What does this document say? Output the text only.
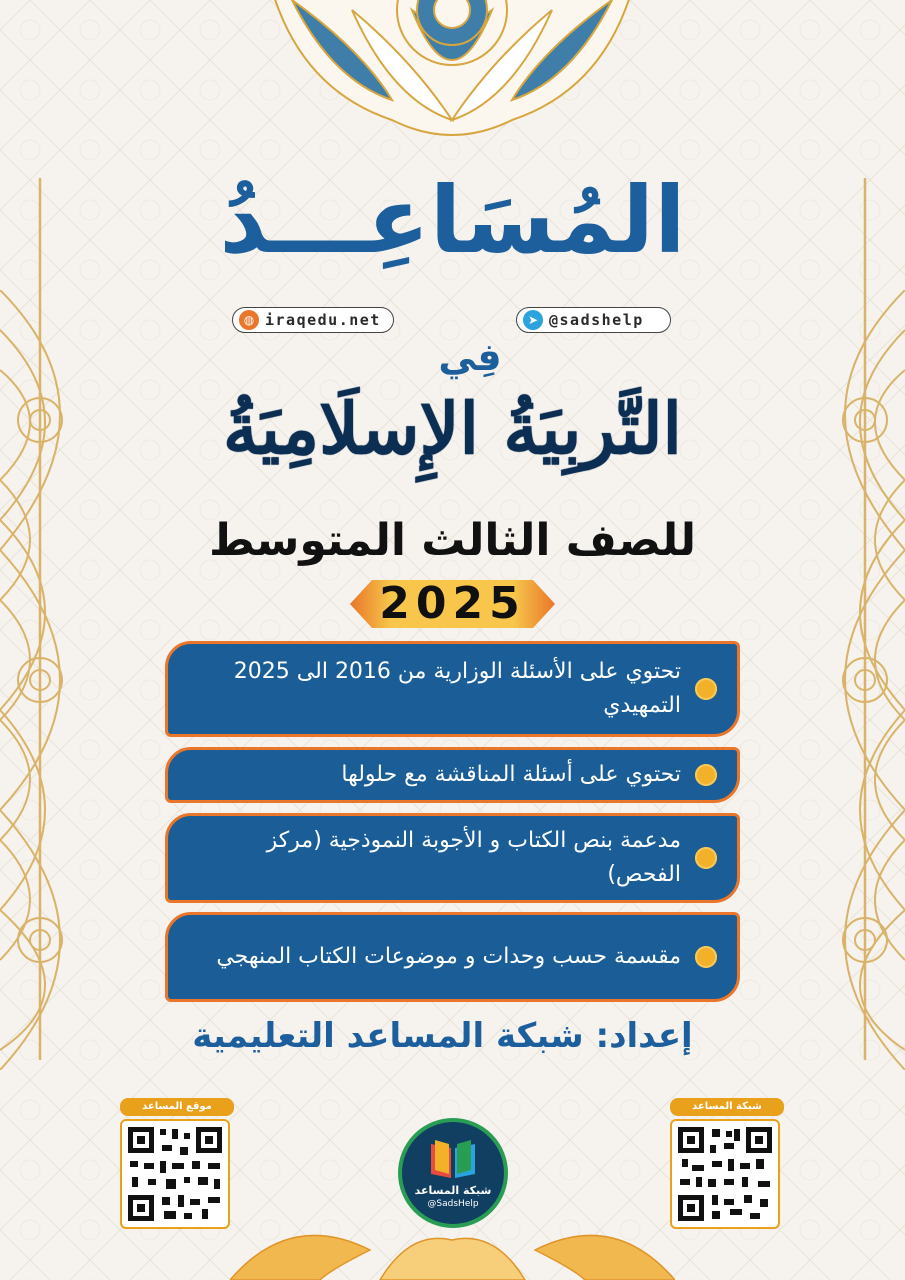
المُسَاعِـــدُ
◍ iraqedu.net	➤ @sadshelp
فِي
التَّربِيَةُ الإِسلَامِيَةُ
للصف الثالث المتوسط
2025
تحتوي على الأسئلة الوزارية من 2016 الى 2025 التمهيدي
تحتوي على أسئلة المناقشة مع حلولها
مدعمة بنص الكتاب و الأجوبة النموذجية (مركز الفحص)
مقسمة حسب وحدات و موضوعات الكتاب المنهجي
إعداد: شبكة المساعد التعليمية
موقع المساعد	شبكة المساعد
شبكة المساعد
@SadsHelp
